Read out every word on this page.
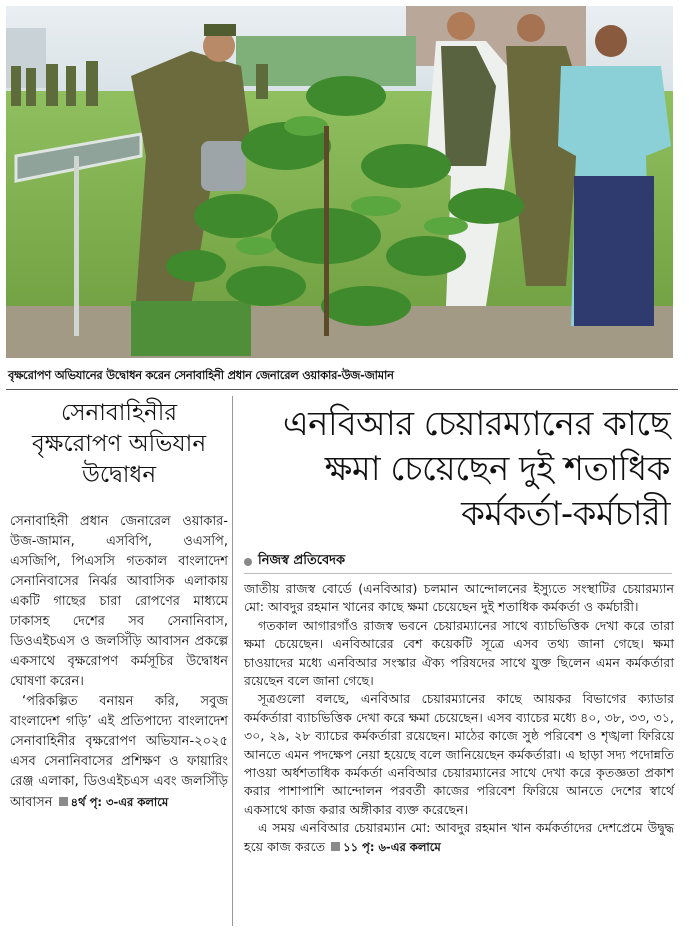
বৃক্ষরোপণ অভিযানের উদ্বোধন করেন সেনাবাহিনী প্রধান জেনারেল ওয়াকার-উজ-জামান
সেনাবাহিনীর
বৃক্ষরোপণ অভিযান
উদ্বোধন

সেনাবাহিনী প্রধান জেনারেল ওয়াকার-উজ-জামান, এসবিপি, ওএসপি, এসজিপি, পিএসসি গতকাল বাংলাদেশ সেনানিবাসের নির্ঝর আবাসিক এলাকায় একটি গাছের চারা রোপণের মাধ্যমে ঢাকাসহ দেশের সব সেনানিবাস, ডিওএইচএস ও জলসিঁড়ি আবাসন প্রকল্পে একসাথে বৃক্ষরোপণ কর্মসূচির উদ্বোধন ঘোষণা করেন।

‘পরিকল্পিত বনায়ন করি, সবুজ বাংলাদেশ গড়ি’ এই প্রতিপাদ্যে বাংলাদেশ সেনাবাহিনীর বৃক্ষরোপণ অভিযান-২০২৫ এসব সেনানিবাসের প্রশিক্ষণ ও ফায়ারিং রেঞ্জ এলাকা, ডিওএইচএস এবং জলসিঁড়ি আবাসন ৪র্থ পৃ: ৩-এর কলামে

এনবিআর চেয়ারম্যানের কাছে
ক্ষমা চেয়েছেন দুই শতাধিক
কর্মকর্তা-কর্মচারী
নিজস্ব প্রতিবেদক

জাতীয় রাজস্ব বোর্ডে (এনবিআর) চলমান আন্দোলনের ইস্যুতে সংস্থাটির চেয়ারম্যান মো: আবদুর রহমান খানের কাছে ক্ষমা চেয়েছেন দুই শতাধিক কর্মকর্তা ও কর্মচারী।

গতকাল আগারগাঁও রাজস্ব ভবনে চেয়ারম্যানের সাথে ব্যাচভিত্তিক দেখা করে তারা ক্ষমা চেয়েছেন। এনবিআরের বেশ কয়েকটি সূত্রে এসব তথ্য জানা গেছে। ক্ষমা চাওয়াদের মধ্যে এনবিআর সংস্কার ঐক্য পরিষদের সাথে যুক্ত ছিলেন এমন কর্মকর্তারা রয়েছেন বলে জানা গেছে।

সূত্রগুলো বলছে, এনবিআর চেয়ারম্যানের কাছে আয়কর বিভাগের ক্যাডার কর্মকর্তারা ব্যাচভিত্তিক দেখা করে ক্ষমা চেয়েছেন। এসব ব্যাচের মধ্যে ৪০, ৩৮, ৩৩, ৩১, ৩০, ২৯, ২৮ ব্যাচের কর্মকর্তারা রয়েছেন। মাঠের কাজে সুষ্ঠ পরিবেশ ও শৃঙ্খলা ফিরিয়ে আনতে এমন পদক্ষেপ নেয়া হয়েছে বলে জানিয়েছেন কর্মকর্তারা। এ ছাড়া সদ্য পদোন্নতি পাওয়া অর্ধশতাধিক কর্মকর্তা এনবিআর চেয়ারম্যানের সাথে দেখা করে কৃতজ্ঞতা প্রকাশ করার পাশাপাশি আন্দোলন পরবর্তী কাজের পরিবেশ ফিরিয়ে আনতে দেশের স্বার্থে একসাথে কাজ করার অঙ্গীকার ব্যক্ত করেছেন।

এ সময় এনবিআর চেয়ারম্যান মো: আবদুর রহমান খান কর্মকর্তাদের দেশপ্রেমে উদ্বুদ্ধ হয়ে কাজ করতে ১১ পৃ: ৬-এর কলামে
